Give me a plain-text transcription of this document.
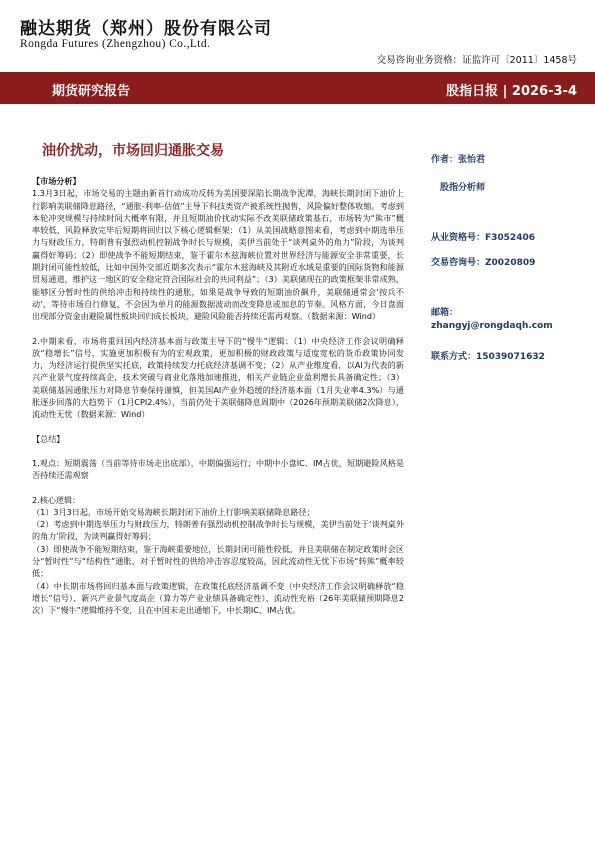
融达期货（郑州）股份有限公司
Rongda Futures (Zhengzhou) Co.,Ltd.
交易咨询业务资格：证监许可〔2011〕1458号
期货研究报告	股指日报 | 2026-3-4
油价扰动，市场回归通胀交易
作者：张怡君
股指分析师
从业资格号：F3052406
交易咨询号：Z0020809
邮箱：
zhangyj@rongdaqh.com
联系方式：15039071632

【市场分析】

1.3月3日起，市场交易的主题由新首行动成功反转为美国要深陷长期战争泥潭，海峡长期封闭下油价上行影响美联储降息路径，“通胀-利率-估值”主导下科技类资产被系统性抛售，风险偏好整体收缩。考虑到本轮冲突规模与持续时间大概率有限，并且短期油价扰动实际不改美联储政策基石，市场转为“熊市”概率较低，风险释放完毕后短期将回归以下核心逻辑框架：（1）从美国战略意图来看，考虑到中期选举压力与财政压力，特朗普有强烈动机控制战争时长与规模，美伊当前处于“谈判桌外的角力”阶段，为谈判赢得好筹码；（2）即使战争不能短期结束，鉴于霍尔木兹海峡位置对世界经济与能源安全非常重要，长期封闭可能性较低，比如中国外交部近期多次表示“霍尔木兹海峡及其附近水域是重要的国际货物和能源贸易通道，维护这一地区的安全稳定符合国际社会的共同利益”；（3）美联储现在的政策框架非常成熟，能够区分暂时性的供给冲击和持续性的通胀，如果是战争导致的短期油价飙升，美联储通常会‘按兵不动’，等待市场自行修复，不会因为单月的能源数据波动而改变降息或加息的节奏。风格方面，今日盘面出现部分资金由避险属性板块回归成长板块，避险风险能否持续还需再观察。（数据来源：Wind）

2.中期来看，市场将重回国内经济基本面与政策主导下的“慢牛”逻辑：（1）中央经济工作会议明确释放“稳增长”信号，实施更加积极有为的宏观政策，更加积极的财政政策与适度宽松的货币政策协同发力，为经济运行提供坚实托底，政策持续发力托底经济基调不变；（2）从产业维度看，以AI为代表的新兴产业景气度持续高企，技术突破与商业化落地加速推进，相关产业链企业盈利增长具备确定性；（3）美联储基因通胀压力对降息节奏保持谨慎，但美国AI产业外趋缓的经济基本面（1月失业率4.3%）与通胀逐步回落的大趋势下（1月CPI2.4%），当前仍处于美联储降息周期中（2026年预期美联储2次降息），流动性无忧（数据来源：Wind）

【总结】

1.观点：短期震荡（当前等待市场走出底部），中期偏强运行；中期中小盘IC、IM占优，短期避险风格是否持续还需观察

2.核心逻辑：

（1）3月3日起，市场开始交易海峡长期封闭下油价上行影响美联储降息路径；

（2）考虑到中期选举压力与财政压力，特朗普有强烈动机控制战争时长与规模，美伊当前处于‘谈判桌外的角力’阶段，为谈判赢得好筹码；

（3）即使战争不能短期结束，鉴于海峡重要地位，长期封闭可能性较低，并且美联储在制定政策时会区分“暂时性”与“结构性”通胀，对于暂时性的供给冲击容忍度较高，因此流动性无忧下市场“转熊”概率较低；

（4）中长期市场将回归基本面与政策逻辑，在政策托底经济基调不变（中央经济工作会议明确释放“稳增长”信号）、新兴产业景气度高企（算力等产业业绩具备确定性）、流动性充裕（26年美联储预期降息2次）下“慢牛”逻辑维持不变，且在中国未走出通缩下，中长期IC、IM占优。
